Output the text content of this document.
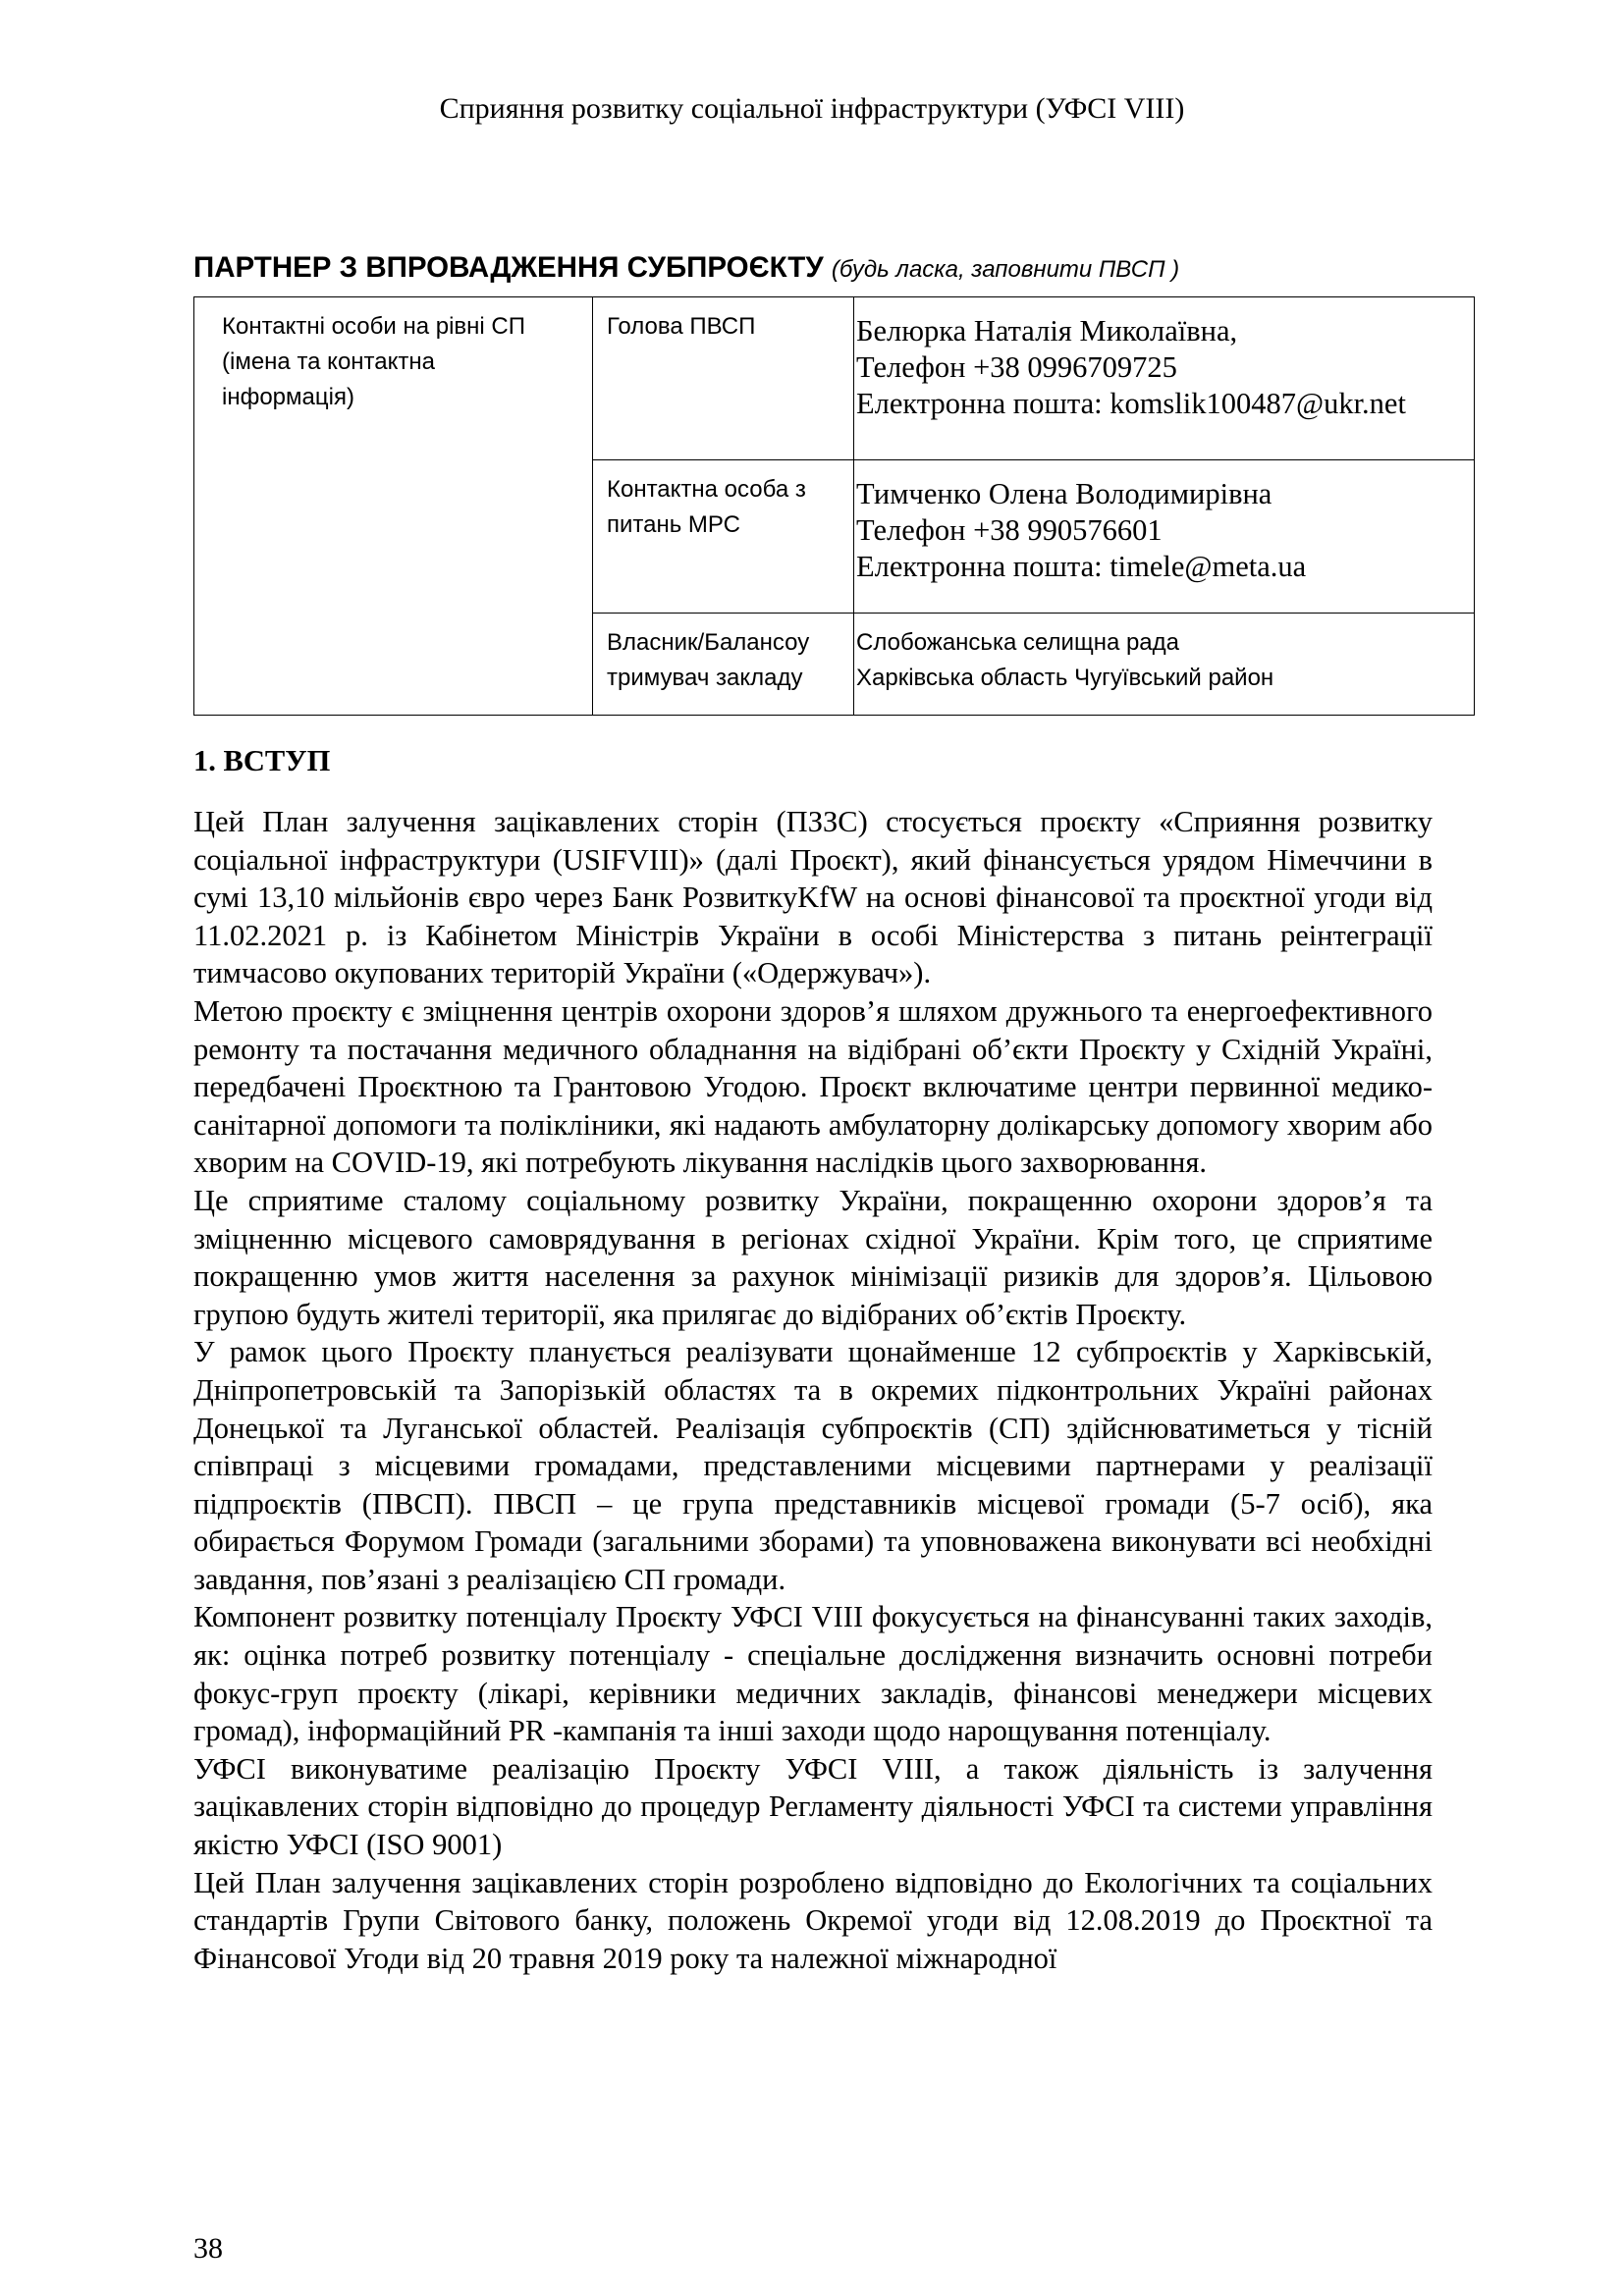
Сприяння розвитку соціальної інфраструктури (УФСІ VIII)
ПАРТНЕР З ВПРОВАДЖЕННЯ СУБПРОЄКТУ (будь ласка, заповнити ПВСП )
Контактні особи на рівні СП
(імена та контактна
інформація)	Голова ПВСП	Белюрка Наталія Миколаївна,
Телефон +38 0996709725
Електронна пошта: komslik100487@ukr.net

	Контактна особа з
питань МРС	Тимченко Олена Володимирівна
Телефон +38 990576601
Електронна пошта: timele@meta.ua

	Власник/Балансоу
тримувач закладу	Слобожанська селищна рада
Харківська область Чугуївський район
1. ВСТУП

Цей План залучення зацікавлених сторін (ПЗЗС) стосується проєкту «Сприяння розвитку соціальної інфраструктури (USIFVIII)» (далі Проєкт), який фінансується урядом Німеччини в сумі 13,10 мільйонів євро через Банк РозвиткуKfW на основі фінансової та проєктної угоди від 11.02.2021 р. із Кабінетом Міністрів України в особі Міністерства з питань реінтеграції тимчасово окупованих територій України («Одержувач»).

Метою проєкту є зміцнення центрів охорони здоров’я шляхом дружнього та енергоефективного ремонту та постачання медичного обладнання на відібрані об’єкти Проєкту у Східній Україні, передбачені Проєктною та Грантовою Угодою. Проєкт включатиме центри первинної медико-санітарної допомоги та полікліники, які надають амбулаторну долікарську допомогу хворим або хворим на COVID-19, які потребують лікування наслідків цього захворювання.

Це сприятиме сталому соціальному розвитку України, покращенню охорони здоров’я та зміцненню місцевого самоврядування в регіонах східної України. Крім того, це сприятиме покращенню умов життя населення за рахунок мінімізації ризиків для здоров’я. Цільовою групою будуть жителі території, яка прилягає до відібраних об’єктів Проєкту.

У рамок цього Проєкту планується реалізувати щонайменше 12 субпроєктів у Харківській, Дніпропетровській та Запорізькій областях та в окремих підконтрольних Україні районах Донецької та Луганської областей. Реалізація субпроєктів (СП) здійснюватиметься у тісній співпраці з місцевими громадами, представленими місцевими партнерами у реалізації підпроєктів (ПВСП). ПВСП – це група представників місцевої громади (5-7 осіб), яка обирається Форумом Громади (загальними зборами) та уповноважена виконувати всі необхідні завдання, пов’язані з реалізацією СП громади.

Компонент розвитку потенціалу Проєкту УФСІ VIII фокусується на фінансуванні таких заходів, як: оцінка потреб розвитку потенціалу - спеціальне дослідження визначить основні потреби фокус-груп проєкту (лікарі, керівники медичних закладів, фінансові менеджери місцевих громад), інформаційний PR -кампанія та інші заходи щодо нарощування потенціалу.

УФСІ виконуватиме реалізацію Проєкту УФСІ VIII, а також діяльність із залучення зацікавлених сторін відповідно до процедур Регламенту діяльності УФСІ та системи управління якістю УФСІ (ISO 9001)

Цей План залучення зацікавлених сторін розроблено відповідно до Екологічних та соціальних стандартів Групи Світового банку, положень Окремої угоди від 12.08.2019 до Проєктної та Фінансової Угоди від 20 травня 2019 року та належної міжнародної

38
